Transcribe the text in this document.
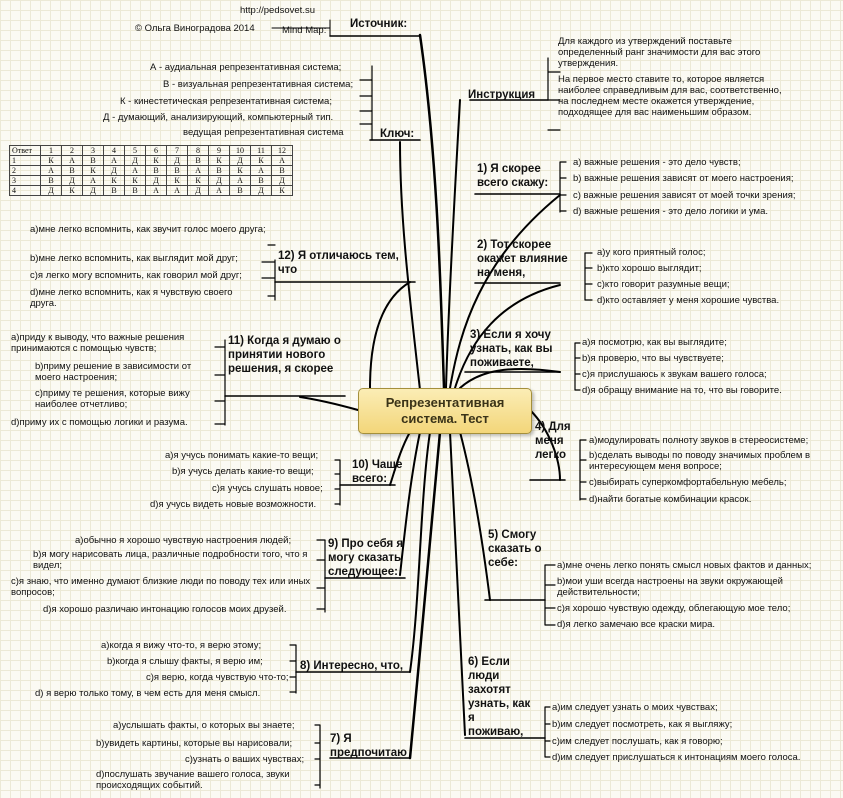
Репрезентативная система. Тест
http://pedsovet.su
© Ольга Виноградова 2014	Mind Map:
Источник:
Инструкция
Для каждого из утверждений поставьте определенный ранг значимости для вас этого утверждения.
На первое место ставите то, которое является наиболее справедливым для вас, соответственно, на последнем месте окажется утверждение, подходящее для вас наименьшим образом.
Ключ:
А - аудиальная репрезентативная система;
В - визуальная репрезентативная система;
К - кинестетическая репрезентативная система;
Д - думающий, анализирующий, компьютерный тип.
ведущая репрезентативная система
Ответ	1	2	3	4	5	6	7	8	9	10	11	12
1	К	А	В	А	Д	К	Д	В	К	Д	К	А
2	А	В	К	Д	А	В	В	А	В	К	А	В
3	В	Д	А	К	К	Д	К	К	Д	А	В	Д
4	Д	К	Д	В	В	А	А	Д	А	В	Д	К
1) Я скорее всего скажу:
a) важные решения - это дело чувств;
b) важные решения зависят от моего настроения;
c) важные решения зависят от моей точки зрения;
d) важные решения - это дело логики и ума.
2) Тот скорее окажет влияние на меня,
a)у кого приятный голос;
b)кто хорошо выглядит;
c)кто говорит разумные вещи;
d)кто оставляет у меня хорошие чувства.
3) Если я хочу узнать, как вы поживаете,
a)я посмотрю, как вы выглядите;
b)я проверю, что вы чувствуете;
c)я прислушаюсь к звукам вашего голоса;
d)я обращу внимание на то, что вы говорите.
4) Для меня легко
a)модулировать полноту звуков в стереосистеме;
b)сделать выводы по поводу значимых проблем в интересующем меня вопросе;
c)выбирать суперкомфортабельную мебель;
d)найти богатые комбинации красок.
5) Смогу сказать о себе:	a)мне очень легко понять смысл новых фактов и данных;
b)мои уши всегда настроены на звуки окружающей действительности;
c)я хорошо чувствую одежду, облегающую мое тело;
d)я легко замечаю все краски мира.
6) Если люди захотят узнать, как я поживаю,
a)им следует узнать о моих чувствах;
b)им следует посмотреть, как я выгляжу;
c)им следует послушать, как я говорю;
d)им следует прислушаться к интонациям моего голоса.
7) Я предпочитаю
a)услышать факты, о которых вы знаете;
b)увидеть картины, которые вы нарисовали;
c)узнать о ваших чувствах;
d)послушать звучание вашего голоса, звуки происходящих событий.
8) Интересно, что,
a)когда я вижу что-то, я верю этому;
b)когда я слышу факты, я верю им;
c)я верю, когда чувствую что-то;
d) я верю только тому, в чем есть для меня смысл.
9) Про себя я могу сказать следующее:
a)обычно я хорошо чувствую настроения людей;
b)я могу нарисовать лица, различные подробности того, что я видел;
c)я знаю, что именно думают близкие люди по поводу тех или иных вопросов;
d)я хорошо различаю интонацию голосов моих друзей.
10) Чаще всего:
a)я учусь понимать какие-то вещи;
b)я учусь делать какие-то вещи;
c)я учусь слушать новое;
d)я учусь видеть новые возможности.
11) Когда я думаю о принятии нового решения, я скорее
a)приду к выводу, что важные решения принимаются с помощью чувств;
b)приму решение в зависимости от моего настроения;
c)приму те решения, которые вижу наиболее отчетливо;
d)приму их с помощью логики и разума.
12) Я отличаюсь тем, что
a)мне легко вспомнить, как звучит голос моего друга;
b)мне легко вспомнить, как выглядит мой друг;
c)я легко могу вспомнить, как говорил мой друг;
d)мне легко вспомнить, как я чувствую своего друга.
